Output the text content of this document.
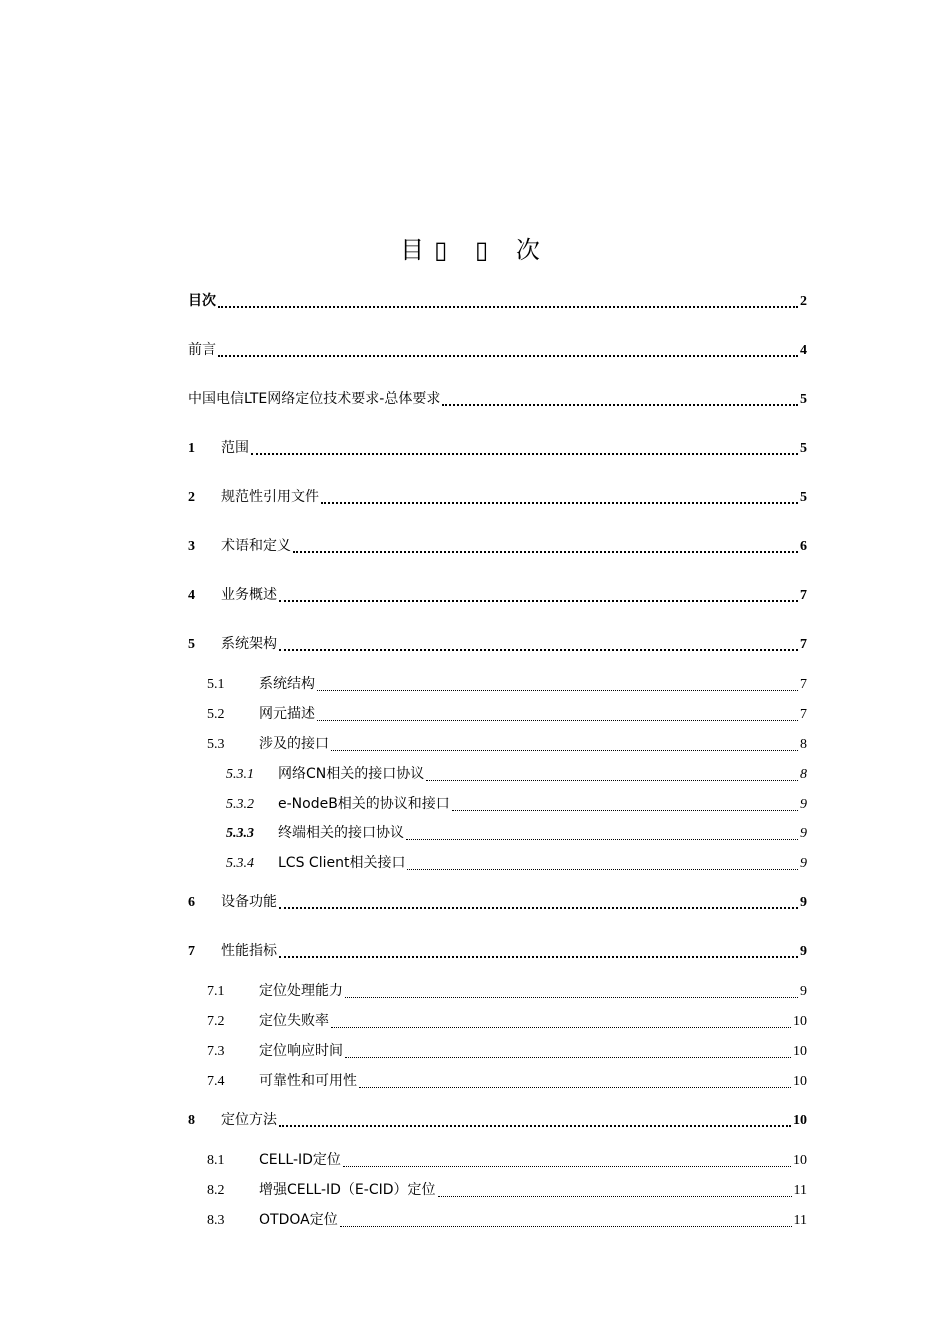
目▯ ▯ 次
目次	2
前言	4
中国电信LTE网络定位技术要求-总体要求	5
1	范围	5
2	规范性引用文件	5
3	术语和定义	6
4	业务概述	7
5	系统架构	7
5.1	系统结构	7
5.2	网元描述	7
5.3	涉及的接口	8
5.3.1	网络CN相关的接口协议	8
5.3.2	e-NodeB相关的协议和接口	9
5.3.3	终端相关的接口协议	9
5.3.4	LCS Client相关接口	9
6	设备功能	9
7	性能指标	9
7.1	定位处理能力	9
7.2	定位失败率	10
7.3	定位响应时间	10
7.4	可靠性和可用性	10
8	定位方法	10
8.1	CELL-ID定位	10
8.2	增强CELL-ID（E-CID）定位	11
8.3	OTDOA定位	11
